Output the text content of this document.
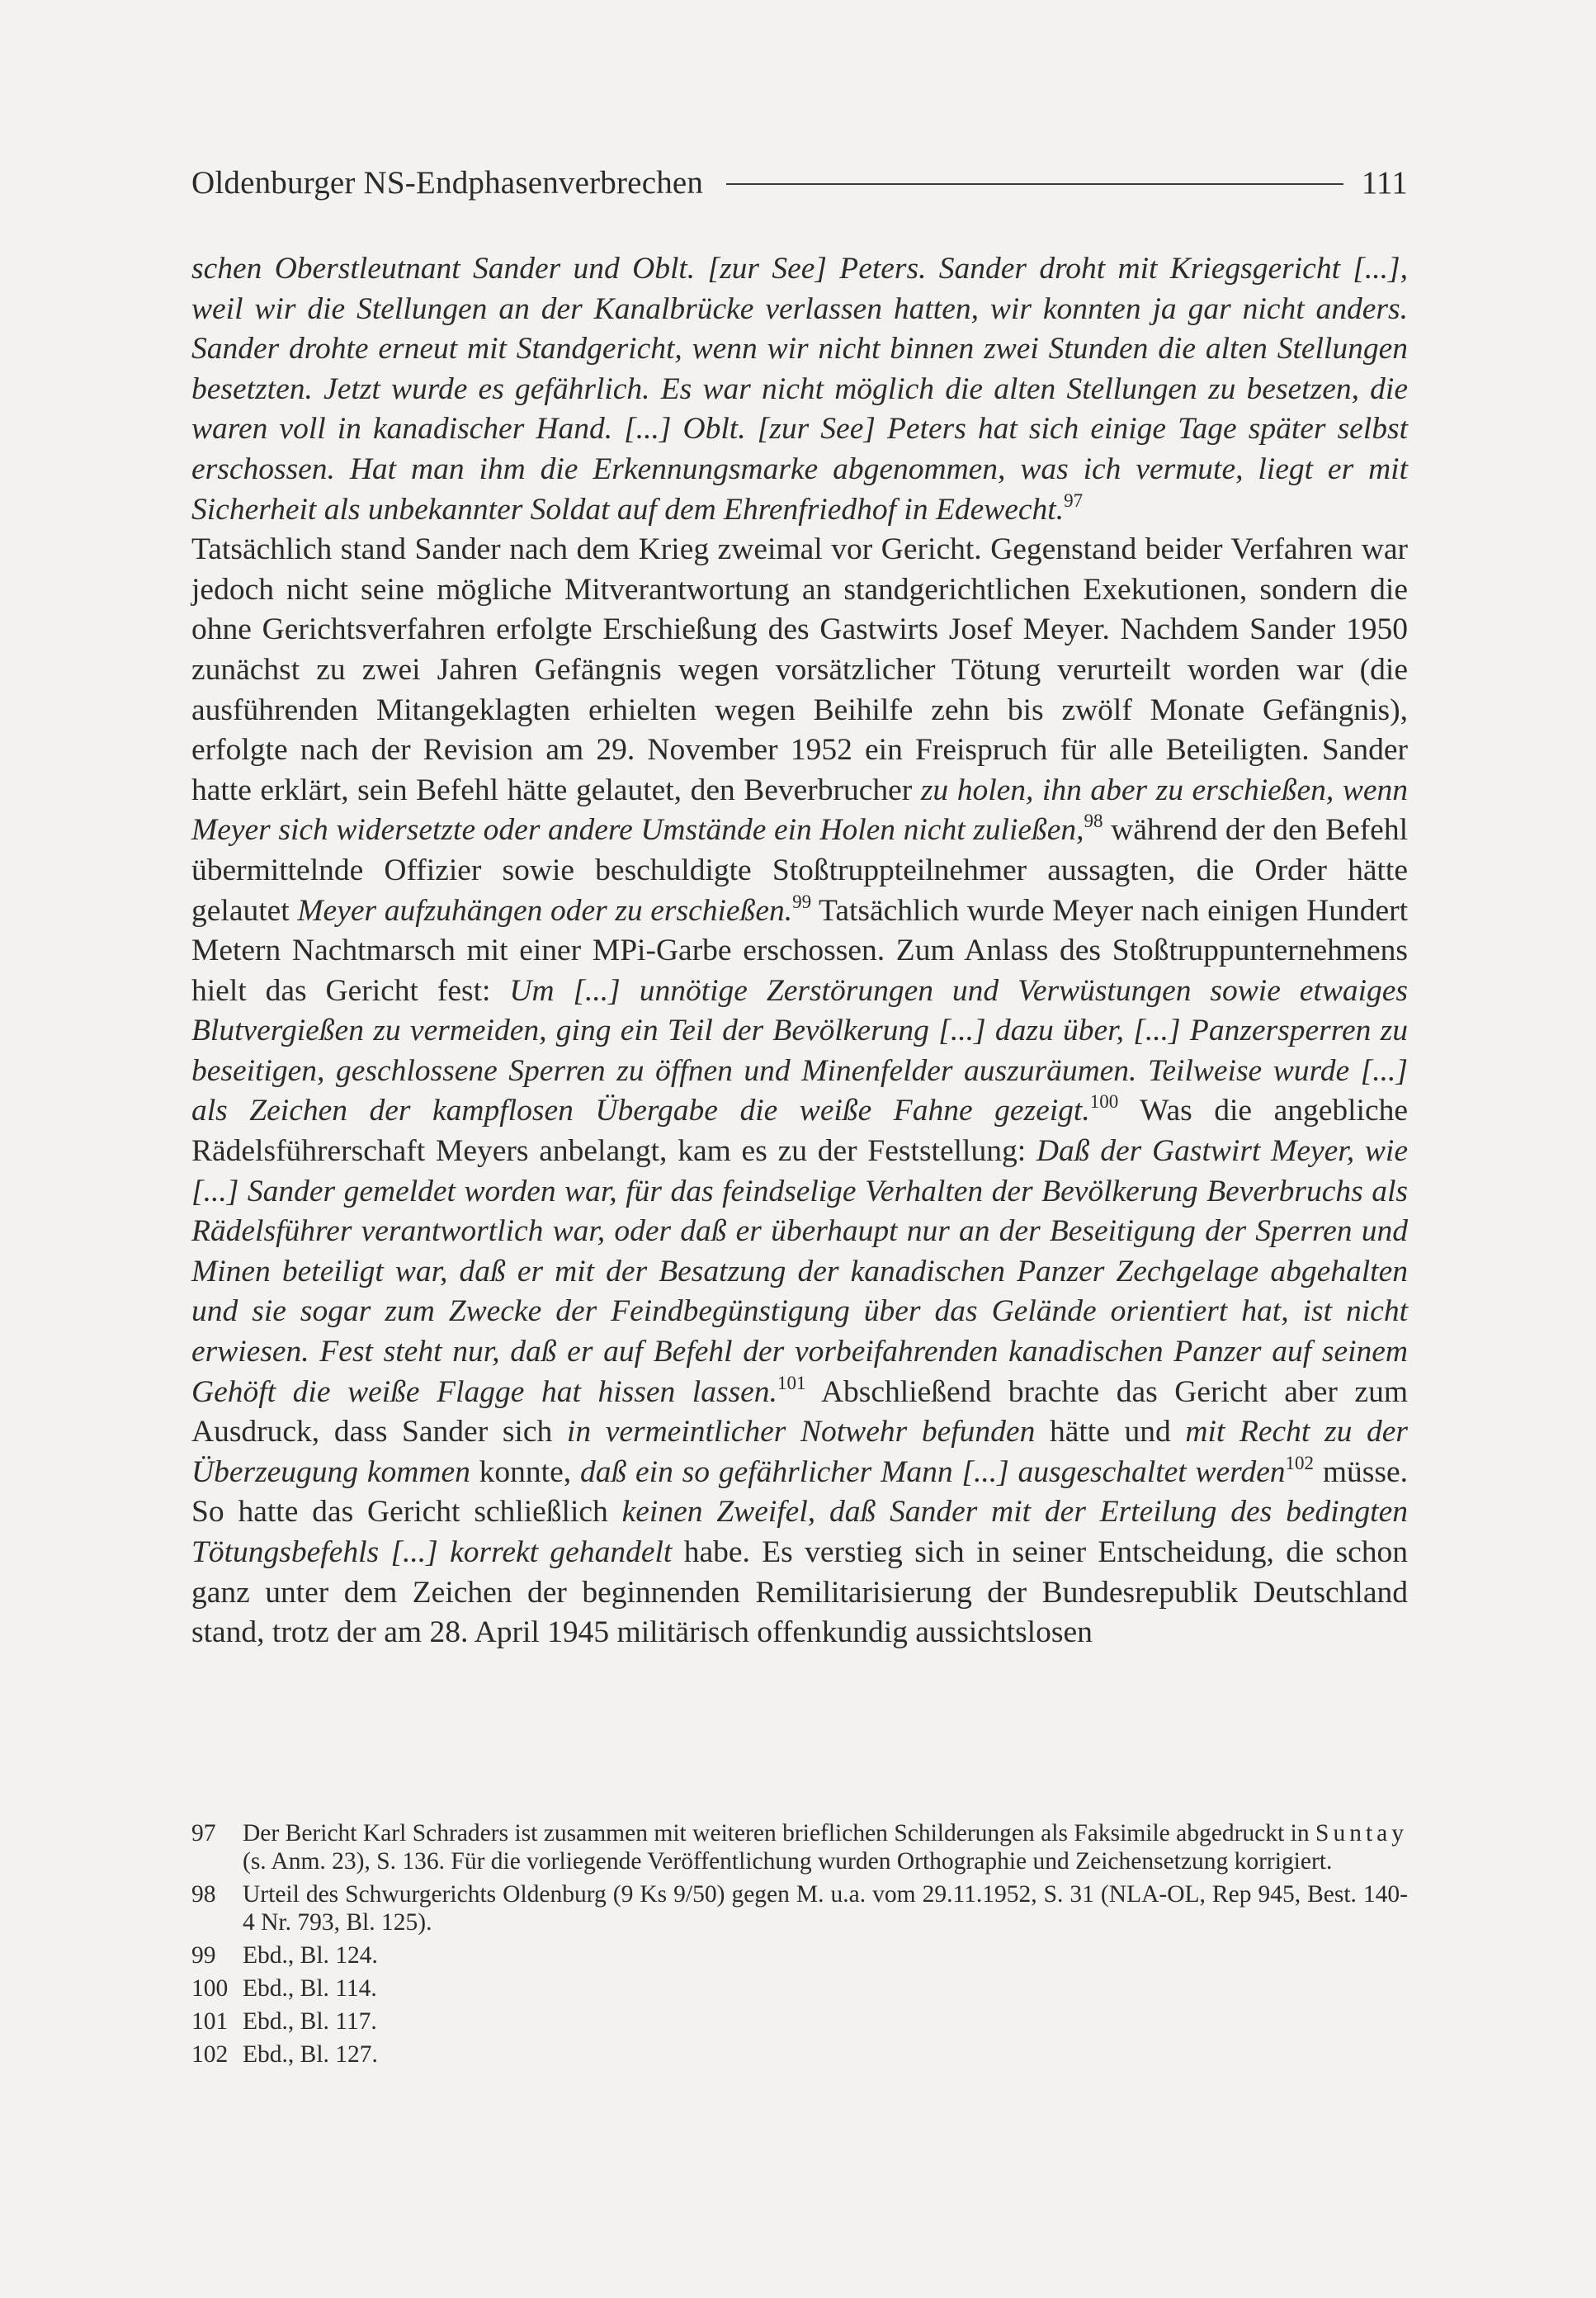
Oldenburger NS-Endphasenverbrechen	111

schen Oberstleutnant Sander und Oblt. [zur See] Peters. Sander droht mit Kriegsgericht [...], weil wir die Stellungen an der Kanalbrücke verlassen hatten, wir konnten ja gar nicht anders. Sander drohte erneut mit Standgericht, wenn wir nicht binnen zwei Stunden die alten Stellungen besetzten. Jetzt wurde es gefährlich. Es war nicht möglich die alten Stellungen zu besetzen, die waren voll in kanadischer Hand. [...] Oblt. [zur See] Peters hat sich einige Tage später selbst erschossen. Hat man ihm die Erkennungsmarke abgenommen, was ich vermute, liegt er mit Sicherheit als unbekannter Soldat auf dem Ehrenfriedhof in Edewecht.$^{97}$
Tatsächlich stand Sander nach dem Krieg zweimal vor Gericht. Gegenstand beider Verfahren war jedoch nicht seine mögliche Mitverantwortung an standgerichtlichen Exekutionen, sondern die ohne Gerichtsverfahren erfolgte Erschießung des Gastwirts Josef Meyer. Nachdem Sander 1950 zunächst zu zwei Jahren Gefängnis wegen vorsätzlicher Tötung verurteilt worden war (die ausführenden Mitangeklagten erhielten wegen Beihilfe zehn bis zwölf Monate Gefängnis), erfolgte nach der Revision am 29. November 1952 ein Freispruch für alle Beteiligten. Sander hatte erklärt, sein Befehl hätte gelautet, den Beverbrucher zu holen, ihn aber zu erschießen, wenn Meyer sich widersetzte oder andere Umstände ein Holen nicht zuließen,$^{98}$ während der den Befehl übermittelnde Offizier sowie beschuldigte Stoßtruppteilnehmer aussagten, die Order hätte gelautet Meyer aufzuhängen oder zu erschießen.$^{99}$ Tatsächlich wurde Meyer nach einigen Hundert Metern Nachtmarsch mit einer MPi-Garbe erschossen. Zum Anlass des Stoßtruppunternehmens hielt das Gericht fest: Um [...] unnötige Zerstörungen und Verwüstungen sowie etwaiges Blutvergießen zu vermeiden, ging ein Teil der Bevölkerung [...] dazu über, [...] Panzersperren zu beseitigen, geschlossene Sperren zu öffnen und Minenfelder auszuräumen. Teilweise wurde [...] als Zeichen der kampflosen Übergabe die weiße Fahne gezeigt.$^{100}$ Was die angebliche Rädelsführerschaft Meyers anbelangt, kam es zu der Feststellung: Daß der Gastwirt Meyer, wie [...] Sander gemeldet worden war, für das feindselige Verhalten der Bevölkerung Beverbruchs als Rädelsführer verantwortlich war, oder daß er überhaupt nur an der Beseitigung der Sperren und Minen beteiligt war, daß er mit der Besatzung der kanadischen Panzer Zechgelage abgehalten und sie sogar zum Zwecke der Feindbegünstigung über das Gelände orientiert hat, ist nicht erwiesen. Fest steht nur, daß er auf Befehl der vorbeifahrenden kanadischen Panzer auf seinem Gehöft die weiße Flagge hat hissen lassen.$^{101}$ Abschließend brachte das Gericht aber zum Ausdruck, dass Sander sich in vermeintlicher Notwehr befunden hätte und mit Recht zu der Überzeugung kommen konnte, daß ein so gefährlicher Mann [...] ausgeschaltet werden$^{102}$ müsse. So hatte das Gericht schließlich keinen Zweifel, daß Sander mit der Erteilung des bedingten Tötungsbefehls [...] korrekt gehandelt habe. Es verstieg sich in seiner Entscheidung, die schon ganz unter dem Zeichen der beginnenden Remilitarisierung der Bundesrepublik Deutschland stand, trotz der am 28. April 1945 militärisch offenkundig aussichtslosen

97	Der Bericht Karl Schraders ist zusammen mit weiteren brieflichen Schilderungen als Faksimile abgedruckt in Suntay (s. Anm. 23), S. 136. Für die vorliegende Veröffentlichung wurden Orthographie und Zeichensetzung korrigiert.
98	Urteil des Schwurgerichts Oldenburg (9 Ks 9/50) gegen M. u.a. vom 29.11.1952, S. 31 (NLA-OL, Rep 945, Best. 140-4 Nr. 793, Bl. 125).
99	Ebd., Bl. 124.
100 Ebd., Bl. 114.
101 Ebd., Bl. 117.
102 Ebd., Bl. 127.
